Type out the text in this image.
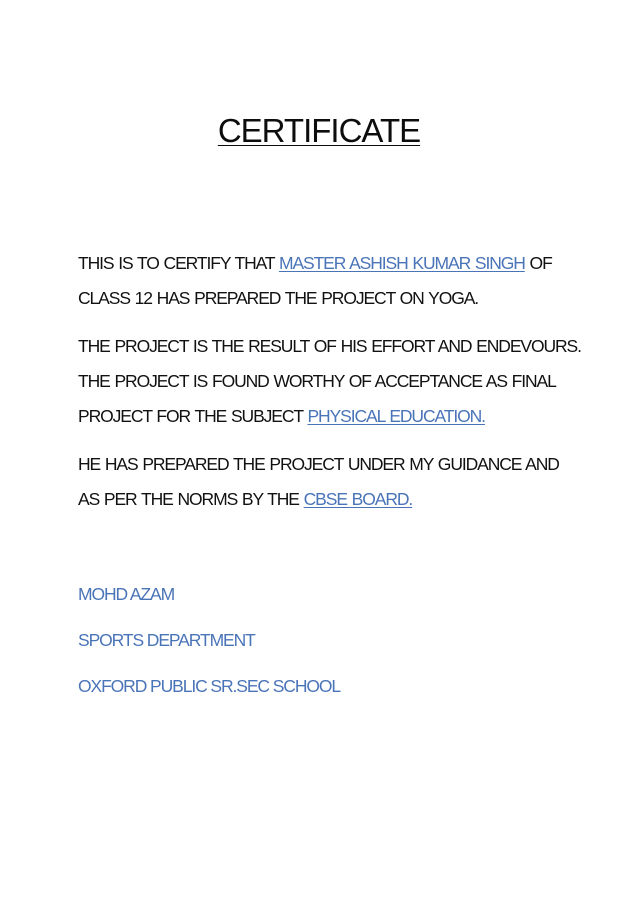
CERTIFICATE
THIS IS TO CERTIFY THAT MASTER ASHISH KUMAR SINGH OF
CLASS 12 HAS PREPARED THE PROJECT ON YOGA.
THE PROJECT IS THE RESULT OF HIS EFFORT AND ENDEVOURS.
THE PROJECT IS FOUND WORTHY OF ACCEPTANCE AS FINAL
PROJECT FOR THE SUBJECT PHYSICAL EDUCATION.
HE HAS PREPARED THE PROJECT UNDER MY GUIDANCE AND
AS PER THE NORMS BY THE CBSE BOARD.
MOHD AZAM
SPORTS DEPARTMENT
OXFORD PUBLIC SR.SEC SCHOOL
